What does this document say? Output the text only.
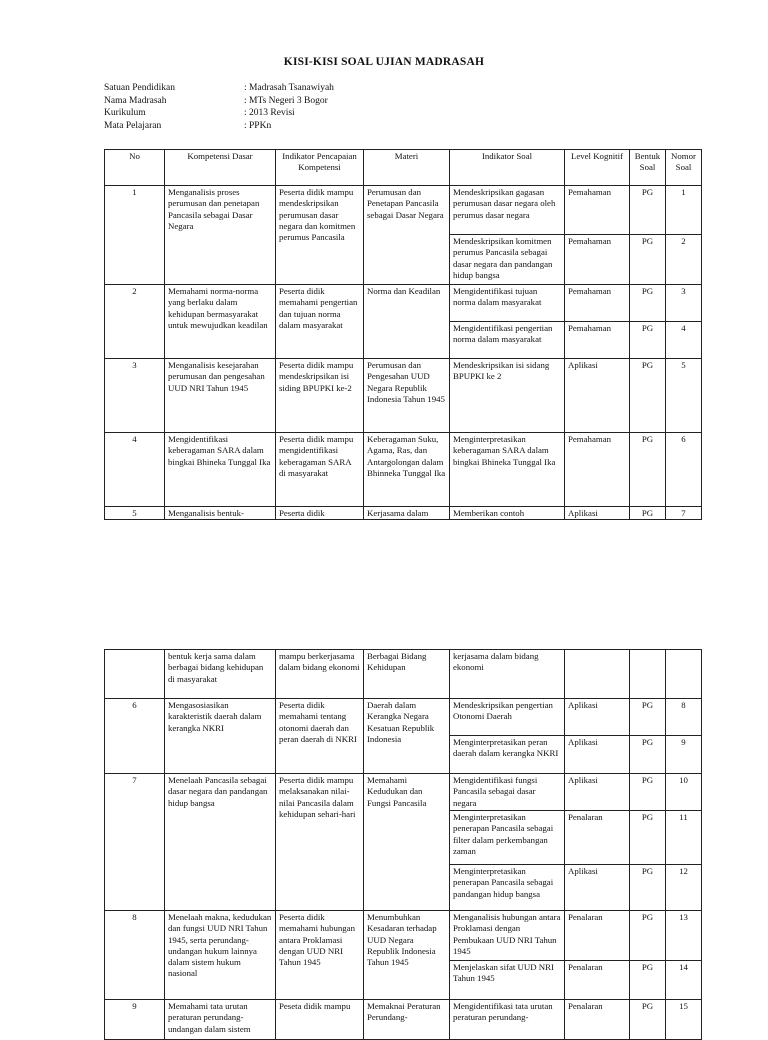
KISI-KISI SOAL UJIAN MADRASAH
Satuan Pendidikan	: Madrasah Tsanawiyah
Nama Madrasah	: MTs Negeri 3 Bogor
Kurikulum	: 2013 Revisi
Mata Pelajaran	: PPKn
No	Kompetensi Dasar	Indikator Pencapaian Kompetensi	Materi	Indikator Soal	Level Kognitif	Bentuk Soal	Nomor Soal
1	Menganalisis proses perumusan dan penetapan Pancasila sebagai Dasar Negara	Peserta didik mampu mendeskripsikan perumusan dasar negara dan komitmen perumus Pancasila	Perumusan dan Penetapan Pancasila sebagai Dasar Negara	Mendeskripsikan gagasan perumusan dasar negara oleh perumus dasar negara	Pemahaman	PG	1
				Mendeskripsikan komitmen perumus Pancasila sebagai dasar negara dan pandangan hidup bangsa	Pemahaman	PG	2
2	Memahami norma-norma yang berlaku dalam kehidupan bermasyarakat untuk mewujudkan keadilan	Peserta didik memahami pengertian dan tujuan norma dalam masyarakat	Norma dan Keadilan	Mengidentifikasi tujuan norma dalam masyarakat	Pemahaman	PG	3
				Mengidentifikasi pengertian norma dalam masyarakat	Pemahaman	PG	4
3	Menganalisis kesejarahan perumusan dan pengesahan UUD NRI Tahun 1945	Peserta didik mampu mendeskripsikan isi siding BPUPKI ke-2	Perumusan dan Pengesahan UUD Negara Republik Indonesia Tahun 1945	Mendeskripsikan isi sidang BPUPKI ke 2	Aplikasi	PG	5
4	Mengidentifikasi keberagaman SARA dalam bingkai Bhineka Tunggal Ika	Peserta didik mampu mengidentifikasi keberagaman SARA di masyarakat	Keberagaman Suku, Agama, Ras, dan Antargolongan dalam Bhinneka Tunggal Ika	Menginterpretasikan keberagaman SARA dalam bingkai Bhineka Tunggal Ika	Pemahaman	PG	6
5	Menganalisis bentuk-	Peserta didik	Kerjasama dalam	Memberikan contoh	Aplikasi	PG	7
	bentuk kerja sama dalam berbagai bidang kehidupan di masyarakat	mampu berkerjasama dalam bidang ekonomi	Berbagai Bidang Kehidupan	kerjasama dalam bidang ekonomi			
6	Mengasosiasikan karakteristik daerah dalam kerangka NKRI	Peserta didik memahami tentang otonomi daerah dan peran daerah di NKRI	Daerah dalam Kerangka Negara Kesatuan Republik Indonesia	Mendeskripsikan pengertian Otonomi Daerah	Aplikasi	PG	8
				Menginterpretasikan peran daerah dalam kerangka NKRI	Aplikasi	PG	9
7	Menelaah Pancasila sebagai dasar negara dan pandangan hidup bangsa	Peserta didik mampu melaksanakan nilai-nilai Pancasila dalam kehidupan sehari-hari	Memahami Kedudukan dan Fungsi Pancasila	Mengidentifikasi fungsi Pancasila sebagai dasar negara	Aplikasi	PG	10
				Menginterpretasikan penerapan Pancasila sebagai filter dalam perkembangan zaman	Penalaran	PG	11
				Menginterpretasikan penerapan Pancasila sebagai pandangan hidup bangsa	Aplikasi	PG	12
8	Menelaah makna, kedudukan dan fungsi UUD NRI Tahun 1945, serta perundang-undangan hukum lainnya dalam sistem hukum nasional	Peserta didik memahami hubungan antara Proklamasi dengan UUD NRI Tahun 1945	Menumbuhkan Kesadaran terhadap UUD Negara Republik Indonesia Tahun 1945	Menganalisis hubungan antara Proklamasi dengan Pembukaan UUD NRI Tahun 1945	Penalaran	PG	13
				Menjelaskan sifat UUD NRI Tahun 1945	Penalaran	PG	14
9	Memahami tata urutan peraturan perundang-undangan dalam sistem	Peseta didik mampu	Memaknai Peraturan Perundang-	Mengidentifikasi tata urutan peraturan perundang-	Penalaran	PG	15
